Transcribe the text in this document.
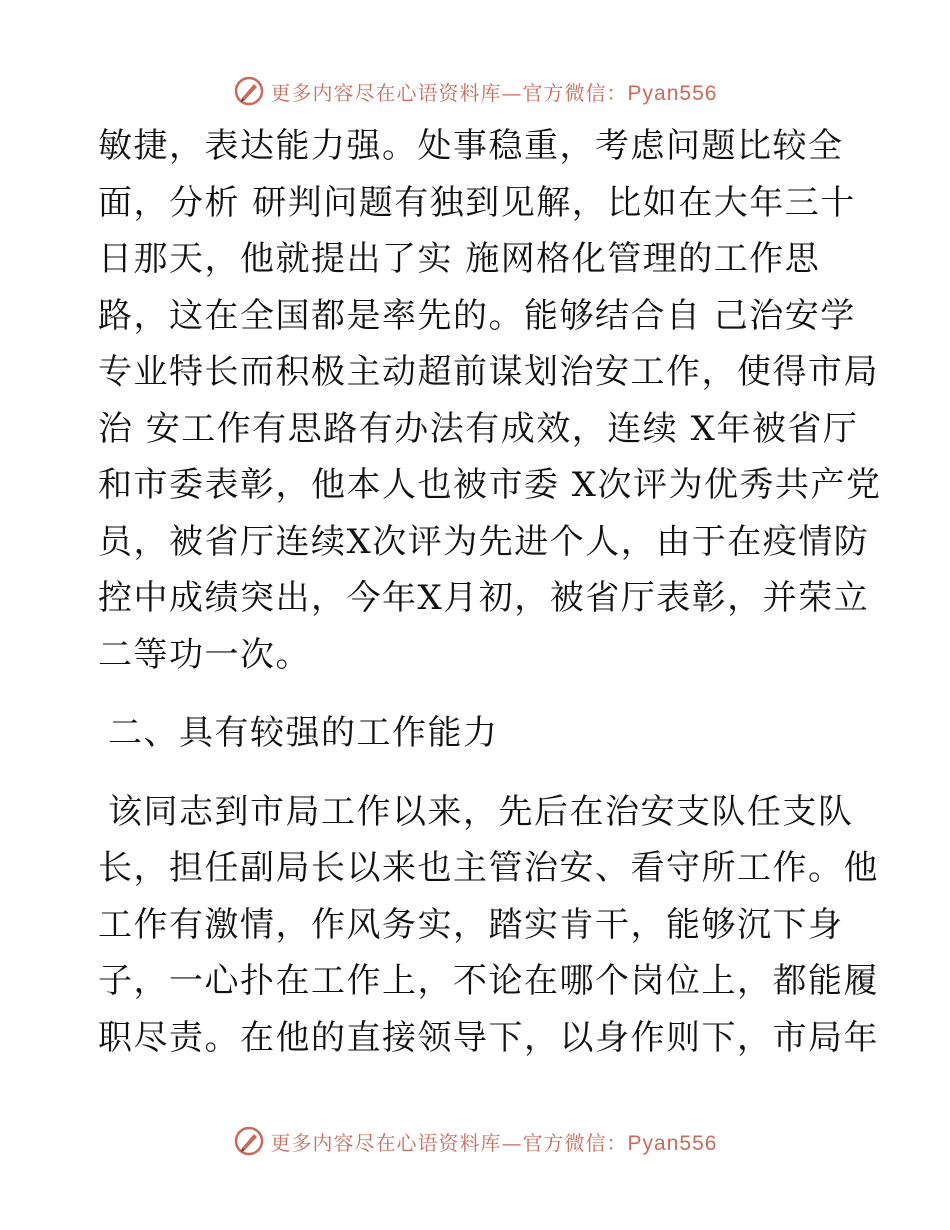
更多内容尽在心语资料库—官方微信：Pyan556
敏捷，表达能力强。处事稳重，考虑问题比较全
面，分析 研判问题有独到见解，比如在大年三十
日那天，他就提出了实 施网格化管理的工作思
路，这在全国都是率先的。能够结合自 己治安学
专业特长而积极主动超前谋划治安工作，使得市局
治 安工作有思路有办法有成效，连续 X年被省厅
和市委表彰，他本人也被市委 X次评为优秀共产党
员，被省厅连续X次评为先进个人，由于在疫情防
控中成绩突出，今年X月初，被省厅表彰，并荣立
二等功一次。
二、具有较强的工作能力
该同志到市局工作以来，先后在治安支队任支队
长，担任副局长以来也主管治安、看守所工作。他
工作有激情，作风务实，踏实肯干，能够沉下身
子，一心扑在工作上，不论在哪个岗位上，都能履
职尽责。在他的直接领导下，以身作则下，市局年
更多内容尽在心语资料库—官方微信：Pyan556
